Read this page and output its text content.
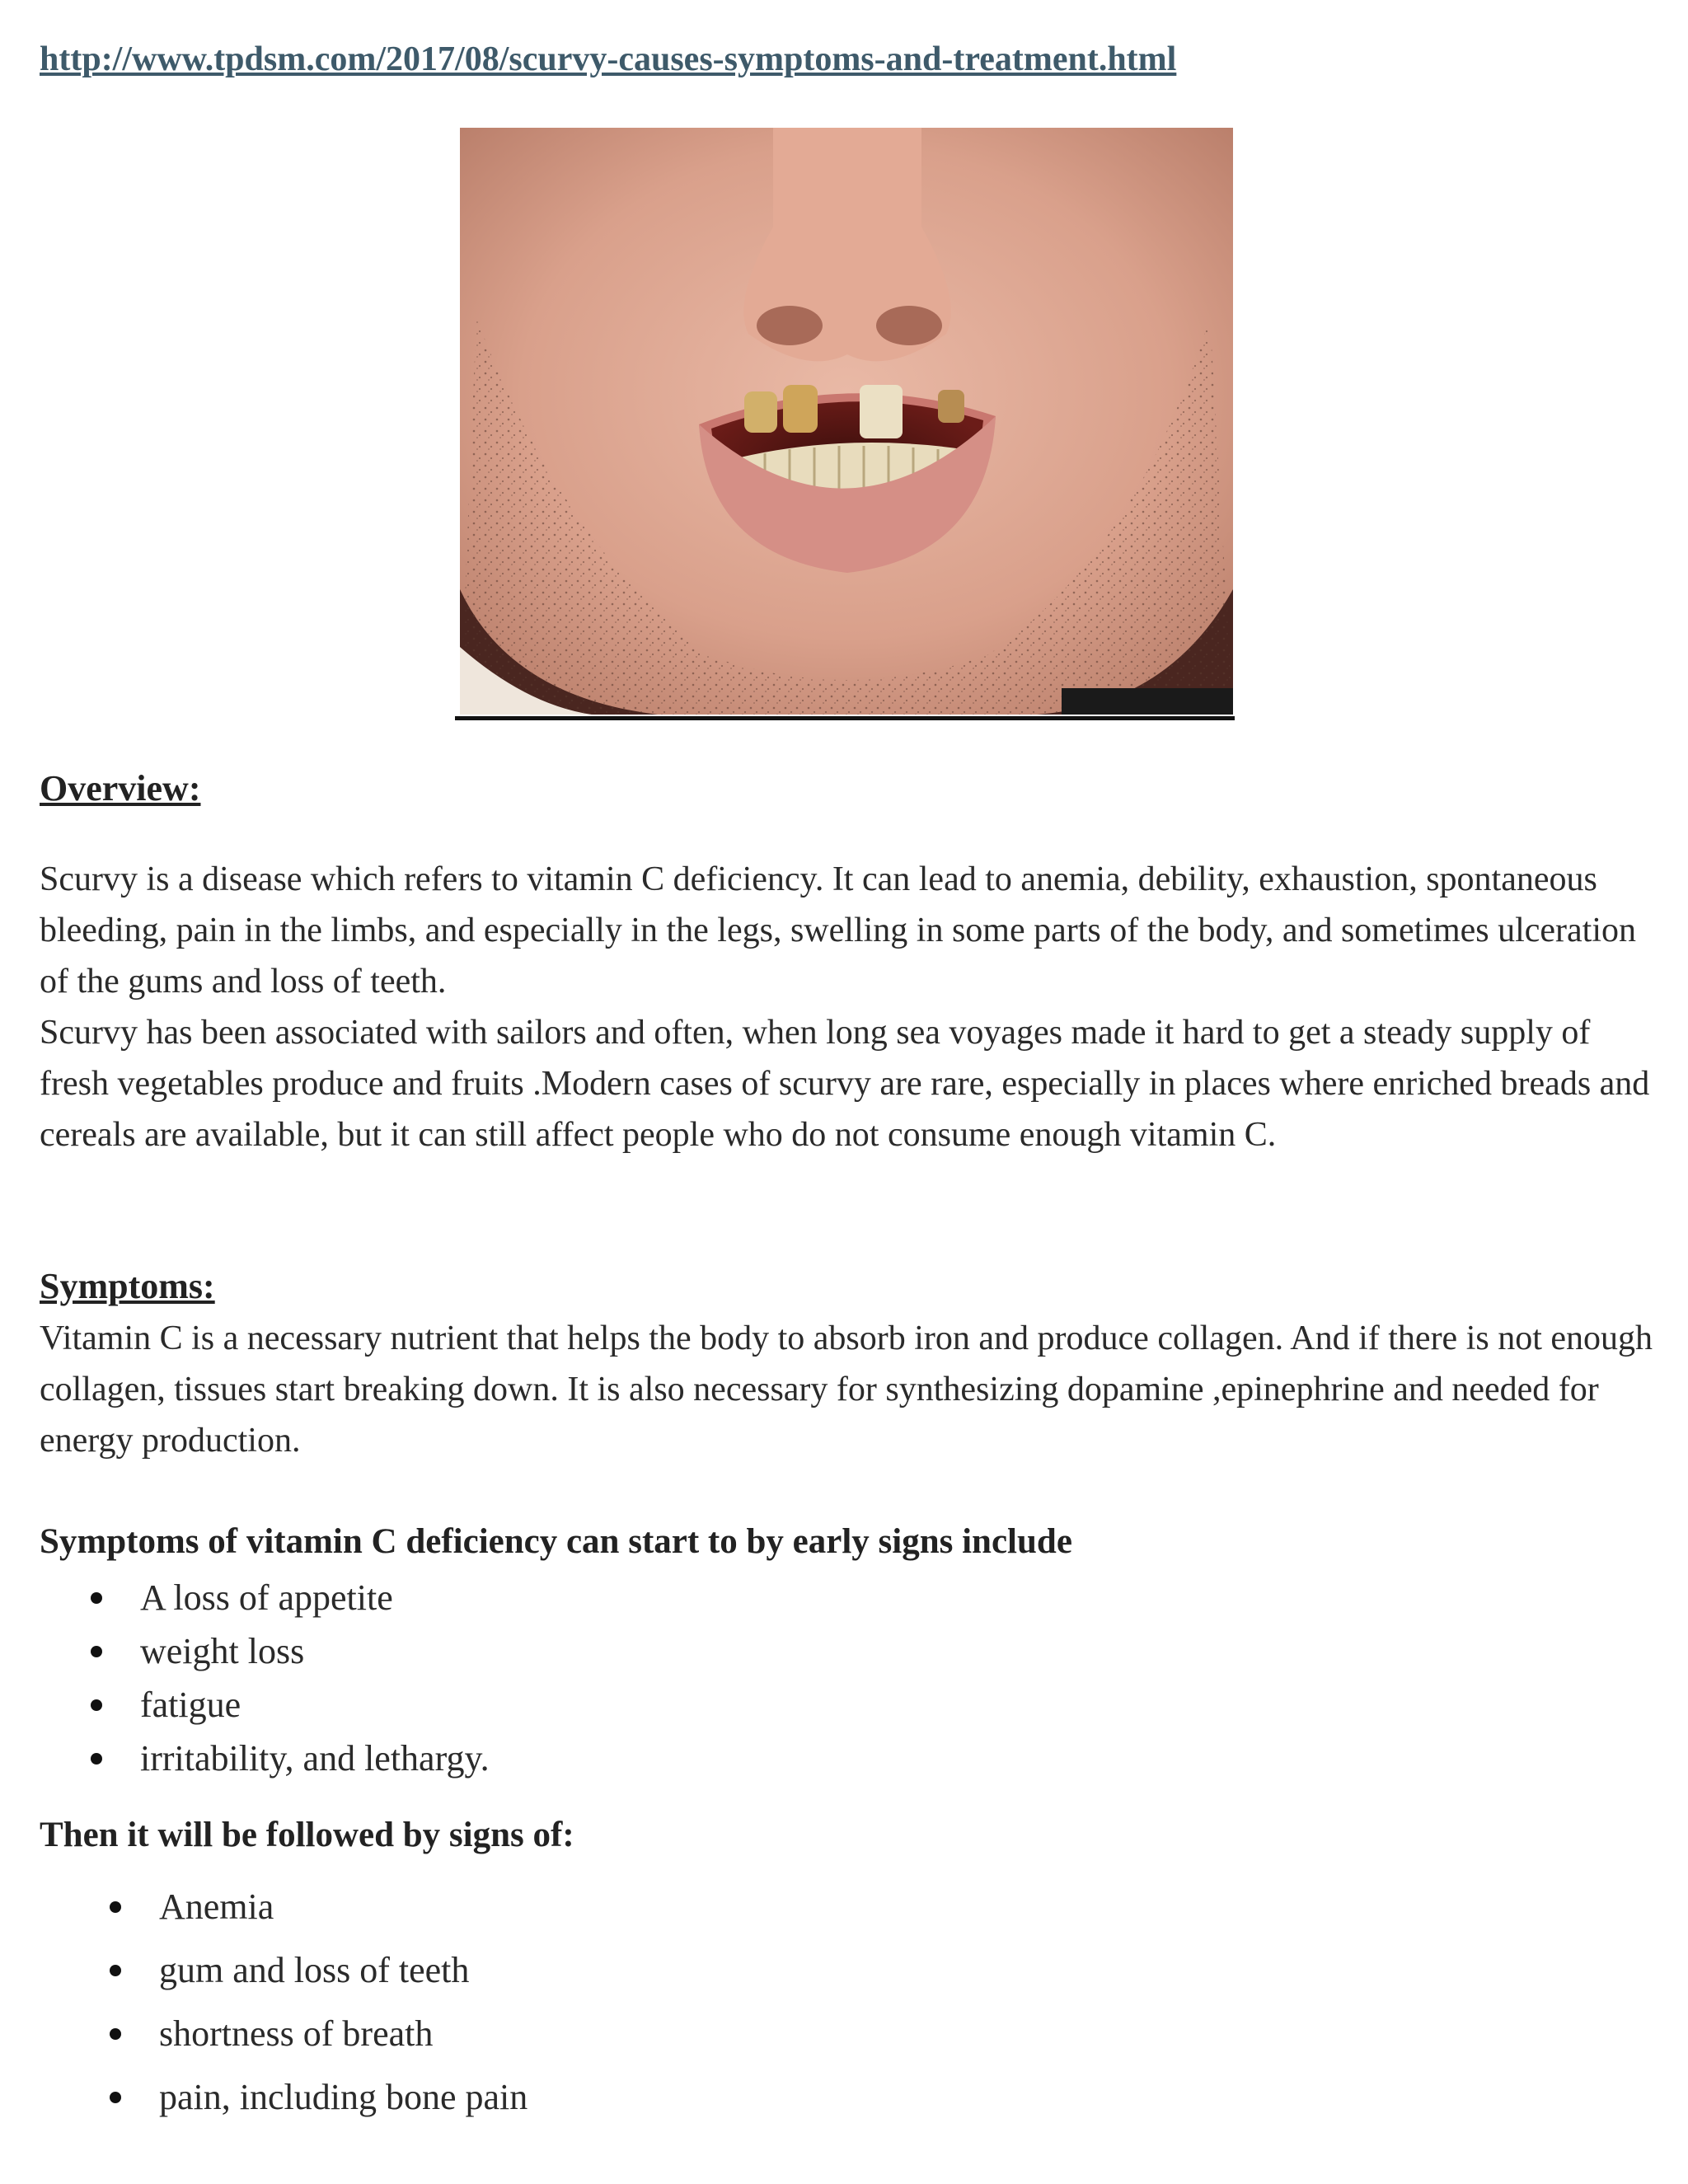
http://www.tpdsm.com/2017/08/scurvy-causes-symptoms-and-treatment.html
Overview:

Scurvy is a disease which refers to vitamin C deficiency. It can lead to anemia, debility, exhaustion, spontaneous bleeding, pain in the limbs, and especially in the legs, swelling in some parts of the body, and sometimes ulceration of the gums and loss of teeth.

Scurvy has been associated with sailors and often, when long sea voyages made it hard to get a steady supply of fresh vegetables produce and fruits .Modern cases of scurvy are rare, especially in places where enriched breads and cereals are available, but it can still affect people who do not consume enough vitamin C.

Symptoms:

Vitamin C is a necessary nutrient that helps the body to absorb iron and produce collagen. And if there is not enough collagen, tissues start breaking down. It is also necessary for synthesizing dopamine ,epinephrine and needed for energy production.

Symptoms of vitamin C deficiency can start to by early signs include
A loss of appetite
weight loss
fatigue
irritability, and lethargy.
Then it will be followed by signs of:
Anemia
gum and loss of teeth
shortness of breath
pain, including bone pain
